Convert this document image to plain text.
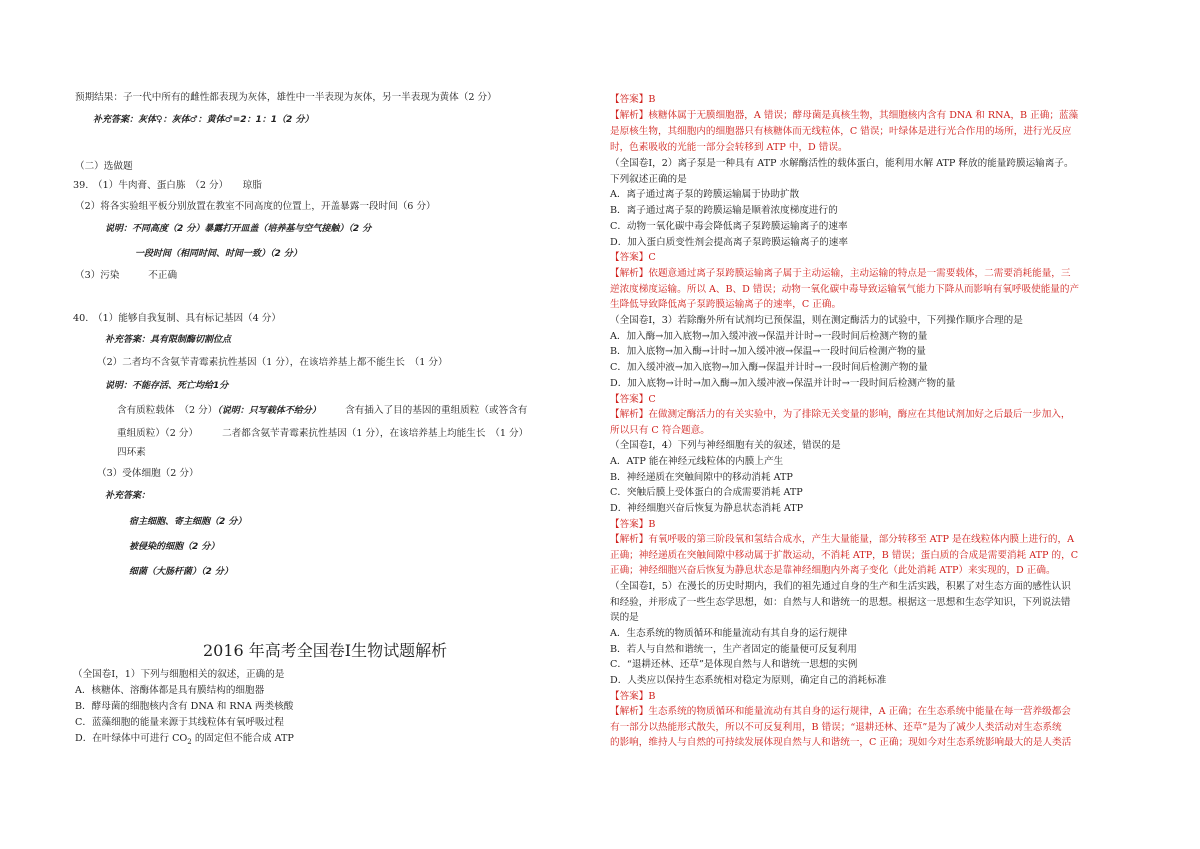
预期结果：子一代中所有的雌性都表现为灰体，雄性中一半表现为灰体，另一半表现为黄体（2 分）
补充答案：灰体♀：灰体♂：黄体♂=2：1：1（2 分）
（二）选做题
39.　（1）牛肉膏、蛋白胨　（2 分）　　琼脂
（2）将各实验组平板分别放置在教室不同高度的位置上，开盖暴露一段时间（6 分）
说明：不同高度（2 分）暴露打开皿盖（培养基与空气接触）（2 分
一段时间（相同时间、时间一致）（2 分）
（3）污染　　　不正确
40.　（1）能够自我复制、具有标记基因（4 分）
补充答案：具有限制酶切割位点
（2）二者均不含氨苄青霉素抗性基因（1 分），在该培养基上都不能生长　（1 分）
说明：不能存活、死亡均给1分
含有质粒载体　（2 分）（说明：只写载体不给分）　　　含有插入了目的基因的重组质粒（或答含有
重组质粒）（2 分）　　　二者都含氨苄青霉素抗性基因（1 分），在该培养基上均能生长　（1 分）
四环素
（3）受体细胞（2 分）
补充答案：
宿主细胞、寄主细胞（2 分）
被侵染的细胞（2 分）
细菌（大肠杆菌）（2 分）
2016 年高考全国卷Ⅰ生物试题解析
（全国卷Ⅰ，1）下列与细胞相关的叙述，正确的是
A．核糖体、溶酶体都是具有膜结构的细胞器
B．酵母菌的细胞核内含有 DNA 和 RNA 两类核酸
C．蓝藻细胞的能量来源于其线粒体有氧呼吸过程
D．在叶绿体中可进行 $CO_2$ 的固定但不能合成 ATP
【答案】B
【解析】核糖体属于无膜细胞器，A 错误；酵母菌是真核生物，其细胞核内含有 DNA 和 RNA，B 正确；蓝藻
是原核生物，其细胞内的细胞器只有核糖体而无线粒体，C 错误；叶绿体是进行光合作用的场所，进行光反应
时，色素吸收的光能一部分会转移到 ATP 中，D 错误。
（全国卷Ⅰ，2）离子泵是一种具有 ATP 水解酶活性的载体蛋白，能利用水解 ATP 释放的能量跨膜运输离子。
下列叙述正确的是
A．离子通过离子泵的跨膜运输属于协助扩散
B．离子通过离子泵的跨膜运输是顺着浓度梯度进行的
C．动物一氧化碳中毒会降低离子泵跨膜运输离子的速率
D．加入蛋白质变性剂会提高离子泵跨膜运输离子的速率
【答案】C
【解析】依题意通过离子泵跨膜运输离子属于主动运输，主动运输的特点是一需要载体，二需要消耗能量，三
逆浓度梯度运输。所以 A、B、D 错误；动物一氧化碳中毒导致运输氧气能力下降从而影响有氧呼吸使能量的产
生降低导致降低离子泵跨膜运输离子的速率，C 正确。
（全国卷Ⅰ，3）若除酶外所有试剂均已预保温，则在测定酶活力的试验中，下列操作顺序合理的是
A．加入酶→加入底物→加入缓冲液→保温并计时→一段时间后检测产物的量
B．加入底物→加入酶→计时→加入缓冲液→保温→一段时间后检测产物的量
C．加入缓冲液→加入底物→加入酶→保温并计时→一段时间后检测产物的量
D．加入底物→计时→加入酶→加入缓冲液→保温并计时→一段时间后检测产物的量
【答案】C
【解析】在做测定酶活力的有关实验中，为了排除无关变量的影响，酶应在其他试剂加好之后最后一步加入，
所以只有 C 符合题意。
（全国卷Ⅰ，4）下列与神经细胞有关的叙述，错误的是
A．ATP 能在神经元线粒体的内膜上产生
B．神经递质在突触间隙中的移动消耗 ATP
C．突触后膜上受体蛋白的合成需要消耗 ATP
D．神经细胞兴奋后恢复为静息状态消耗 ATP
【答案】B
【解析】有氧呼吸的第三阶段氧和氢结合成水，产生大量能量，部分转移至 ATP 是在线粒体内膜上进行的，A
正确；神经递质在突触间隙中移动属于扩散运动，不消耗 ATP，B 错误；蛋白质的合成是需要消耗 ATP 的，C
正确；神经细胞兴奋后恢复为静息状态是靠神经细胞内外离子变化（此处消耗 ATP）来实现的，D 正确。
（全国卷Ⅰ，5）在漫长的历史时期内，我们的祖先通过自身的生产和生活实践，积累了对生态方面的感性认识
和经验，并形成了一些生态学思想，如：自然与人和谐统一的思想。根据这一思想和生态学知识，下列说法错
误的是
A．生态系统的物质循环和能量流动有其自身的运行规律
B．若人与自然和谐统一，生产者固定的能量便可反复利用
C．“退耕还林、还草”是体现自然与人和谐统一思想的实例
D．人类应以保持生态系统相对稳定为原则，确定自己的消耗标准
【答案】B
【解析】生态系统的物质循环和能量流动有其自身的运行规律，A 正确；在生态系统中能量在每一营养级都会
有一部分以热能形式散失，所以不可反复利用，B 错误；“退耕还林、还草”是为了减少人类活动对生态系统
的影响，维持人与自然的可持续发展体现自然与人和谐统一，C 正确；现如今对生态系统影响最大的是人类活
